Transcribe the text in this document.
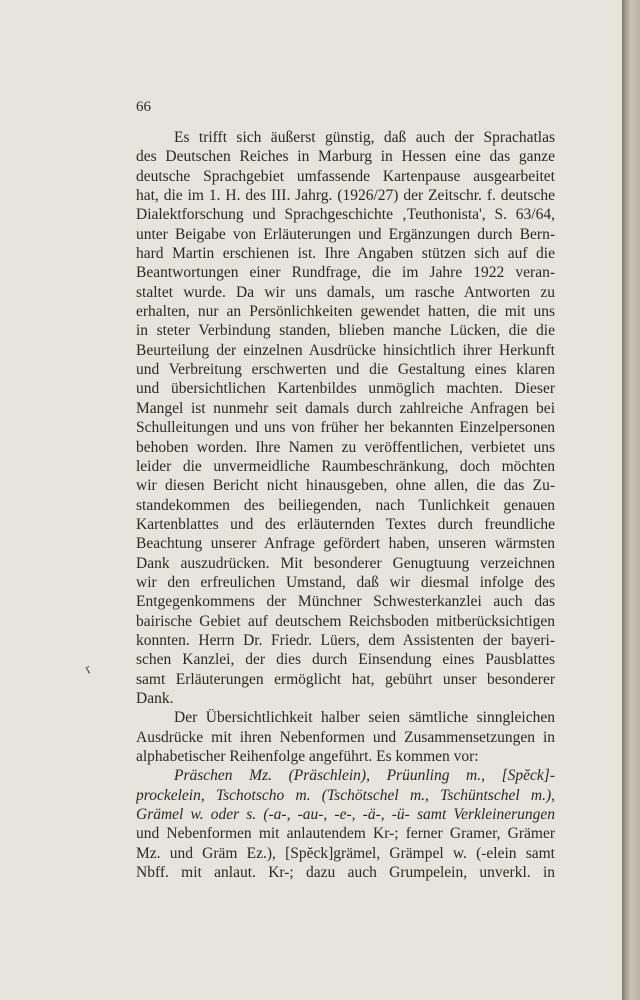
66
r
Es trifft sich äußerst günstig, daß auch der Sprachatlas
des Deutschen Reiches in Marburg in Hessen eine das ganze
deutsche Sprachgebiet umfassende Kartenpause ausgearbeitet
hat, die im 1. H. des III. Jahrg. (1926/27) der Zeitschr. f. deutsche
Dialektforschung und Sprachgeschichte ‚Teuthonista', S. 63/64,
unter Beigabe von Erläuterungen und Ergänzungen durch Bern-
hard Martin erschienen ist. Ihre Angaben stützen sich auf die
Beantwortungen einer Rundfrage, die im Jahre 1922 veran-
staltet wurde. Da wir uns damals, um rasche Antworten zu
erhalten, nur an Persönlichkeiten gewendet hatten, die mit uns
in steter Verbindung standen, blieben manche Lücken, die die
Beurteilung der einzelnen Ausdrücke hinsichtlich ihrer Herkunft
und Verbreitung erschwerten und die Gestaltung eines klaren
und übersichtlichen Kartenbildes unmöglich machten. Dieser
Mangel ist nunmehr seit damals durch zahlreiche Anfragen bei
Schulleitungen und uns von früher her bekannten Einzelpersonen
behoben worden. Ihre Namen zu veröffentlichen, verbietet uns
leider die unvermeidliche Raumbeschränkung, doch möchten
wir diesen Bericht nicht hinausgeben, ohne allen, die das Zu-
standekommen des beiliegenden, nach Tunlichkeit genauen
Kartenblattes und des erläuternden Textes durch freundliche
Beachtung unserer Anfrage gefördert haben, unseren wärmsten
Dank auszudrücken. Mit besonderer Genugtuung verzeichnen
wir den erfreulichen Umstand, daß wir diesmal infolge des
Entgegenkommens der Münchner Schwesterkanzlei auch das
bairische Gebiet auf deutschem Reichsboden mitberücksichtigen
konnten. Herrn Dr. Friedr. Lüers, dem Assistenten der bayeri-
schen Kanzlei, der dies durch Einsendung eines Pausblattes
samt Erläuterungen ermöglicht hat, gebührt unser besonderer
Dank.
Der Übersichtlichkeit halber seien sämtliche sinngleichen
Ausdrücke mit ihren Nebenformen und Zusammensetzungen in
alphabetischer Reihenfolge angeführt. Es kommen vor:
Präschen Mz. (Präschlein), Prüunling m., [Spĕck]-
prockelein, Tschotscho m. (Tschötschel m., Tschüntschel m.),
Grämel w. oder s. (-a-, -au-, -e-, -ä-, -ü- samt Verkleinerungen
und Nebenformen mit anlautendem Kr-; ferner Gramer, Grämer
Mz. und Gräm Ez.), [Spĕck]grämel, Grämpel w. (-elein samt
Nbff. mit anlaut. Kr-; dazu auch Grumpelein, unverkl. in
